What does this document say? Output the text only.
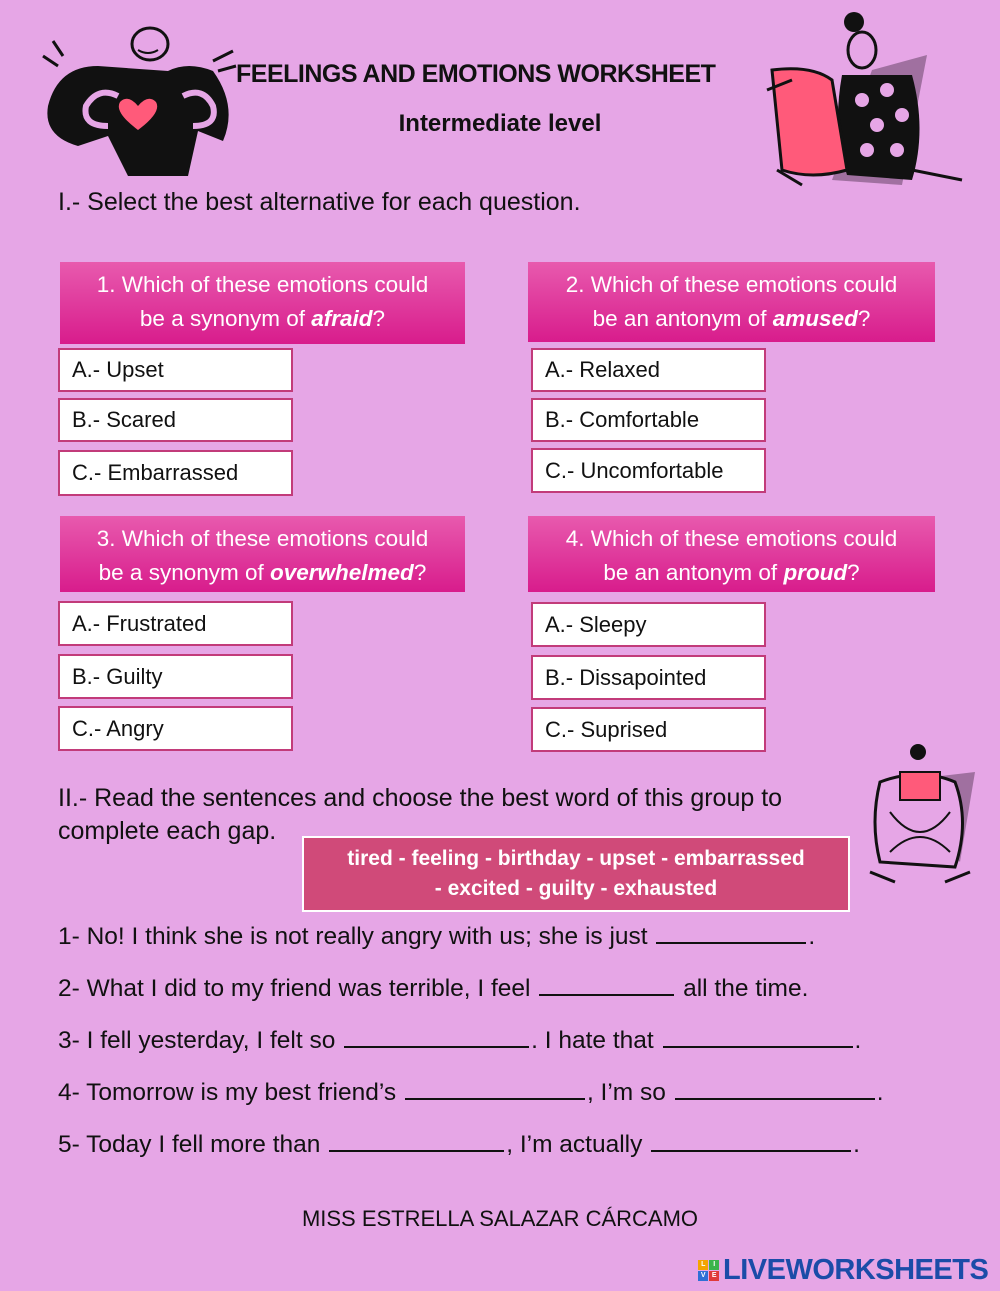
FEELINGS AND EMOTIONS WORKSHEET
Intermediate level
I.- Select the best alternative for each question.
1. Which of these emotions could
be a synonym of afraid?
A.- Upset
B.- Scared
C.- Embarrassed
2. Which of these emotions could
be an antonym of amused?
A.- Relaxed
B.- Comfortable
C.- Uncomfortable
3. Which of these emotions could
be a synonym of overwhelmed?
A.- Frustrated
B.- Guilty
C.- Angry
4. Which of these emotions could
be an antonym of proud?
A.- Sleepy
B.- Dissapointed
C.- Suprised
II.- Read the sentences and choose the best word of this group to complete each gap.
tired - feeling - birthday - upset - embarrassed
- excited - guilty - exhausted
1- No! I think she is not really angry with us; she is just	.
2- What I did to my friend was terrible, I feel	all the time.
3- I fell yesterday, I felt so	. I hate that	.
4- Tomorrow is my best friend’s	, I’m so	.
5- Today I fell more than	, I’m actually	.
MISS ESTRELLA SALAZAR CÁRCAMO
L	I
V E LIVEWORKSHEETS
